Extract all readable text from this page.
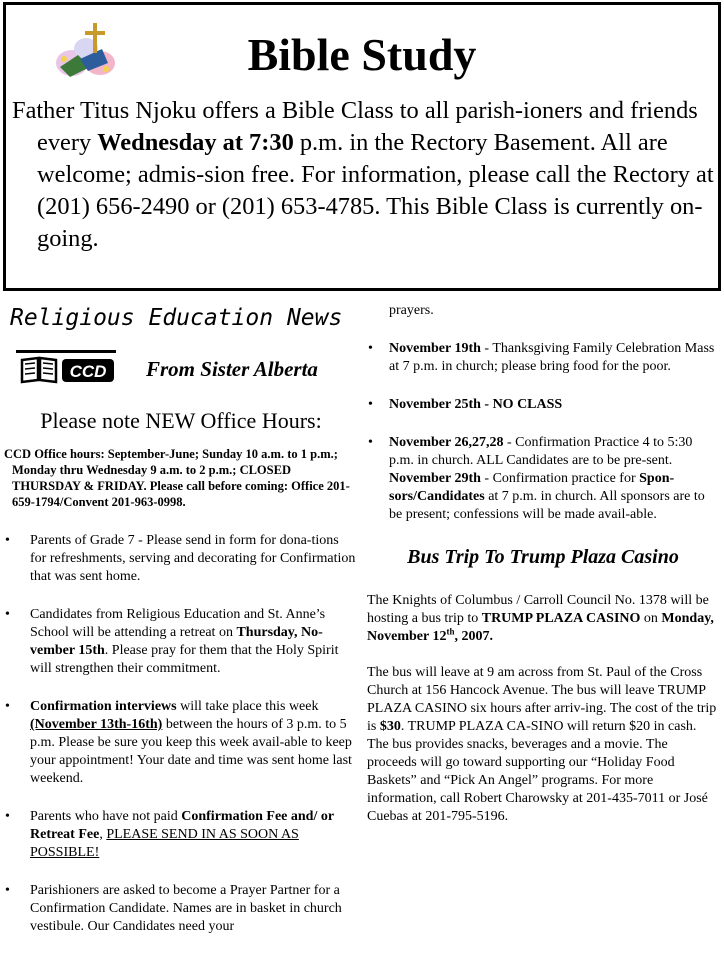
Bible Study

Father Titus Njoku offers a Bible Class to all parish-ioners and friends every Wednesday at 7:30 p.m. in the Rectory Basement. All are welcome; admis-sion free. For information, please call the Rectory at (201) 656-2490 or (201) 653-4785. This Bible Class is currently on-going.

Religious Education News
CCD From Sister Alberta
Please note NEW Office Hours:
CCD Office hours: September-June; Sunday 10 a.m. to 1 p.m.; Monday thru Wednesday 9 a.m. to 2 p.m.; CLOSED THURSDAY & FRIDAY. Please call before coming: Office 201-659-1794/Convent 201-963-0998.
• Parents of Grade 7 - Please send in form for dona-tions for refreshments, serving and decorating for Confirmation that was sent home.
• Candidates from Religious Education and St. Anne’s School will be attending a retreat on Thursday, No-vember 15th. Please pray for them that the Holy Spirit will strengthen their commitment.
• Confirmation interviews will take place this week (November 13th-16th) between the hours of 3 p.m. to 5 p.m. Please be sure you keep this week avail-able to keep your appointment! Your date and time was sent home last weekend.
• Parents who have not paid Confirmation Fee and/ or Retreat Fee, PLEASE SEND IN AS SOON AS POSSIBLE!
• Parishioners are asked to become a Prayer Partner for a Confirmation Candidate. Names are in basket in church vestibule. Our Candidates need your
prayers.
• November 19th - Thanksgiving Family Celebration Mass at 7 p.m. in church; please bring food for the poor.
• November 25th - NO CLASS
• November 26,27,28 - Confirmation Practice 4 to 5:30 p.m. in church. ALL Candidates are to be pre-sent.
November 29th - Confirmation practice for Spon-sors/Candidates at 7 p.m. in church. All sponsors are to be present; confessions will be made avail-able.
Bus Trip To Trump Plaza Casino

The Knights of Columbus / Carroll Council No. 1378 will be hosting a bus trip to TRUMP PLAZA CASINO on Monday, November 12th, 2007.

The bus will leave at 9 am across from St. Paul of the Cross Church at 156 Hancock Avenue. The bus will leave TRUMP PLAZA CASINO six hours after arriv-ing. The cost of the trip is $30. TRUMP PLAZA CA-SINO will return $20 in cash. The bus provides snacks, beverages and a movie. The proceeds will go toward supporting our “Holiday Food Baskets” and “Pick An Angel” programs. For more information, call Robert Charowsky at 201-435-7011 or José Cuebas at 201-795-5196.
